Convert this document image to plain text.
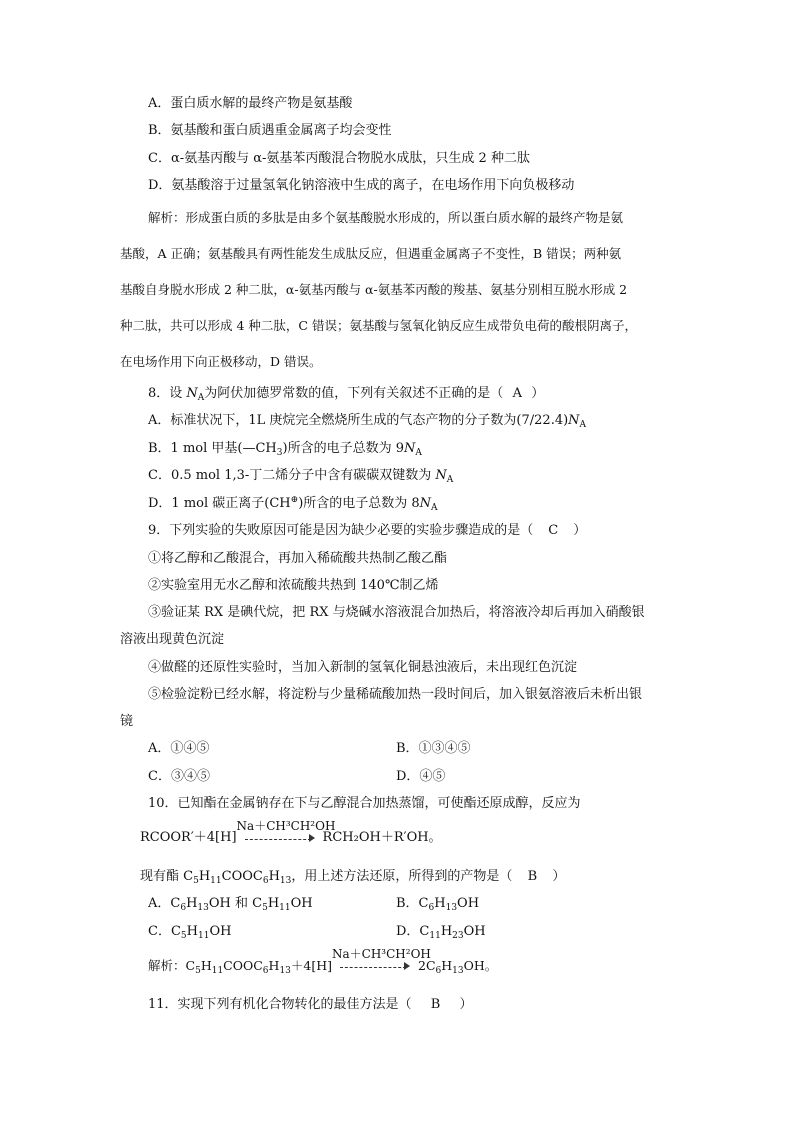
A．蛋白质水解的最终产物是氨基酸
B．氨基酸和蛋白质遇重金属离子均会变性
C．α-氨基丙酸与 α-氨基苯丙酸混合物脱水成肽，只生成 2 种二肽
D．氨基酸溶于过量氢氧化钠溶液中生成的离子，在电场作用下向负极移动
解析：形成蛋白质的多肽是由多个氨基酸脱水形成的，所以蛋白质水解的最终产物是氨
基酸，A 正确；氨基酸具有两性能发生成肽反应，但遇重金属离子不变性，B 错误；两种氨
基酸自身脱水形成 2 种二肽，α-氨基丙酸与 α-氨基苯丙酸的羧基、氨基分别相互脱水形成 2
种二肽，共可以形成 4 种二肽，C 错误；氨基酸与氢氧化钠反应生成带负电荷的酸根阴离子，
在电场作用下向正极移动，D 错误。
8．设 $N_A$为阿伏加德罗常数的值，下列有关叙述不正确的是（ A ）
A．标准状况下，1L 庚烷完全燃烧所生成的气态产物的分子数为$(7/22.4)N_A$
B．1 mol 甲基$(—CH_3)$所含的电子总数为 $9N_A$
C．0.5 mol 1,3-丁二烯分子中含有碳碳双键数为 $N_A$
D．1 mol 碳正离子(CH⊕)所含的电子总数为 $8N_A$
9．下列实验的失败原因可能是因为缺少必要的实验步骤造成的是（ C ）
①将乙醇和乙酸混合，再加入稀硫酸共热制乙酸乙酯
②实验室用无水乙醇和浓硫酸共热到 140℃制乙烯
③验证某 RX 是碘代烷，把 RX 与烧碱水溶液混合加热后，将溶液冷却后再加入硝酸银
溶液出现黄色沉淀
④做醛的还原性实验时，当加入新制的氢氧化铜悬浊液后，未出现红色沉淀
⑤检验淀粉已经水解，将淀粉与少量稀硫酸加热一段时间后，加入银氨溶液后未析出银
镜
A．①④⑤	B．①③④⑤
C．③④⑤	D．④⑤
10．已知酯在金属钠存在下与乙醇混合加热蒸馏，可使酯还原成醇，反应为
RCOOR′＋4[H]
Na＋CH³CH²OH
RCH₂OH＋R′OH。
现有酯 $C_5H_{11}COOC_6H_{13}$，用上述方法还原，所得到的产物是（ B ）
A．$C_6H_{13}OH$ 和 $C_5H_{11}OH$	B．$C_6H_{13}OH$
C．$C_5H_{11}OH$	D．$C_{11}H_{23}OH$
解析：$C_5H_{11}COOC_6H_{13}+4[H]$
Na＋CH³CH²OH
$2C_6H_{13}OH$。
11．实现下列有机化合物转化的最佳方法是（ B ）
